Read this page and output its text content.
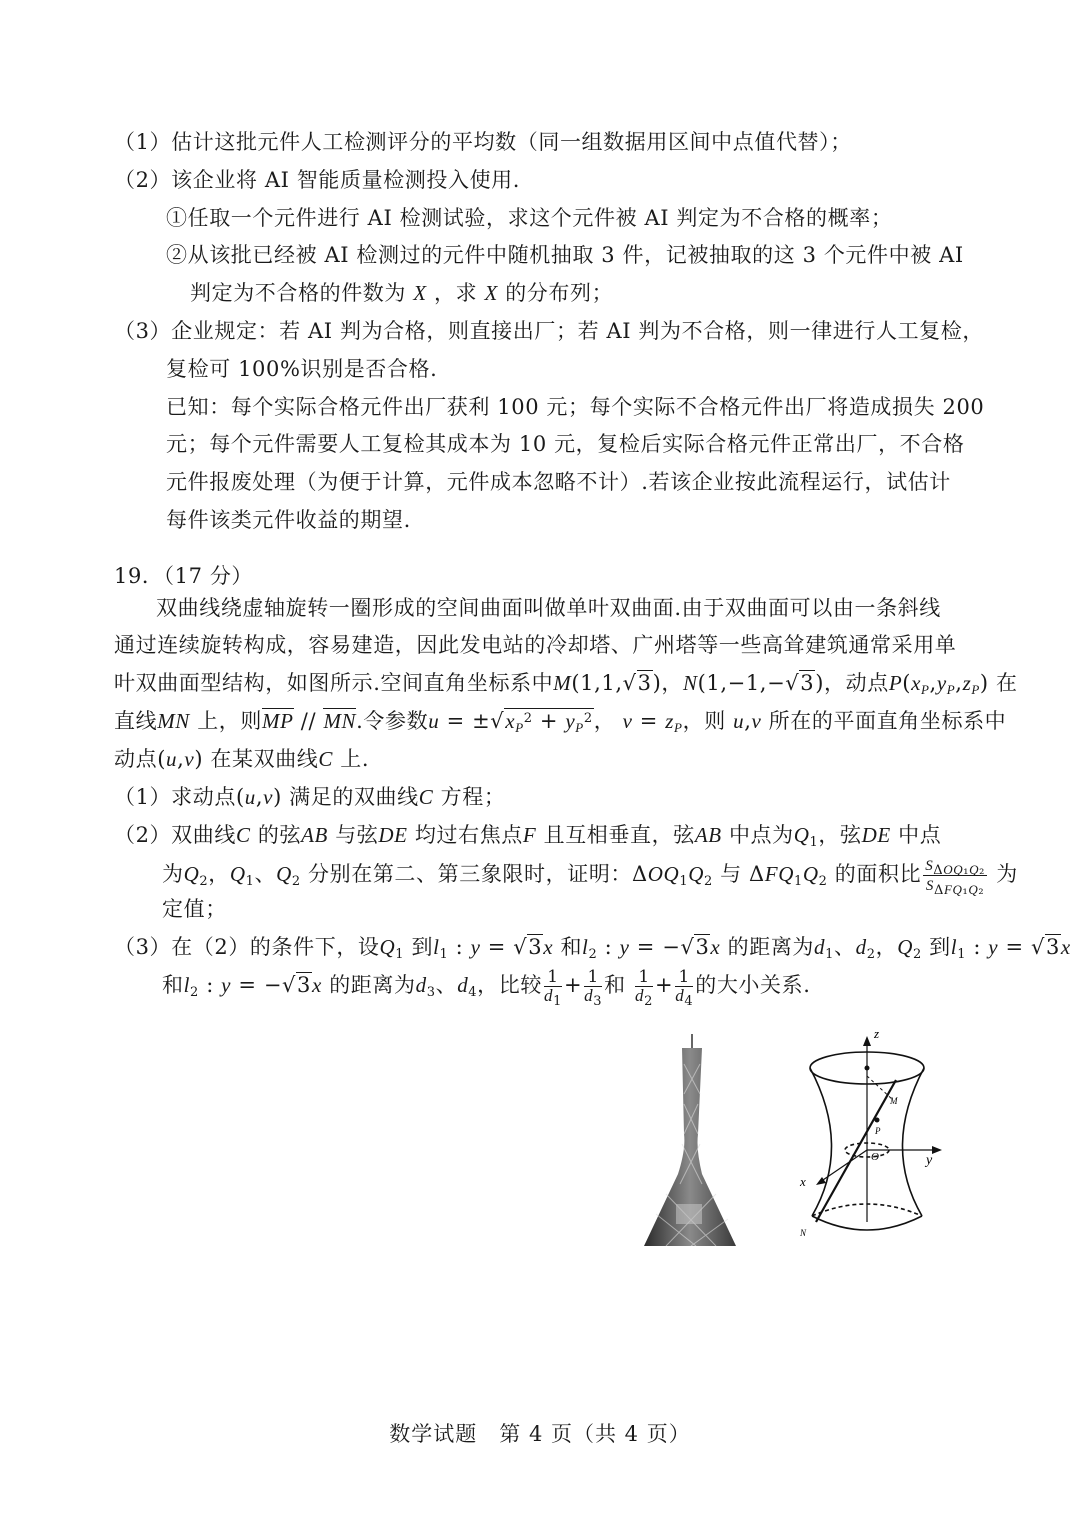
（1）估计这批元件人工检测评分的平均数（同一组数据用区间中点值代替）；
（2）该企业将 AI 智能质量检测投入使用.
①任取一个元件进行 AI 检测试验，求这个元件被 AI 判定为不合格的概率；
②从该批已经被 AI 检测过的元件中随机抽取 3 件，记被抽取的这 3 个元件中被 AI
判定为不合格的件数为 X ，求 X 的分布列；
（3）企业规定：若 AI 判为合格，则直接出厂；若 AI 判为不合格，则一律进行人工复检，
复检可 100%识别是否合格.
已知：每个实际合格元件出厂获利 100 元；每个实际不合格元件出厂将造成损失 200
元；每个元件需要人工复检其成本为 10 元，复检后实际合格元件正常出厂，不合格
元件报废处理（为便于计算，元件成本忽略不计）.若该企业按此流程运行，试估计
每件该类元件收益的期望.
19．（17 分）
双曲线绕虚轴旋转一圈形成的空间曲面叫做单叶双曲面.由于双曲面可以由一条斜线
通过连续旋转构成，容易建造，因此发电站的冷却塔、广州塔等一些高耸建筑通常采用单
叶双曲面型结构，如图所示.空间直角坐标系中M(1,1,√3)，N(1,−1,−√3)，动点$P(x_P,y_P,z_P)$ 在
直线MN 上，则MP // MN.令参数$u = \pm√x_P^2 + y_P^2$， $v = z_P$，则 u,v 所在的平面直角坐标系中
动点(u,v) 在某双曲线C 上.
（1）求动点(u,v) 满足的双曲线C 方程；
（2）双曲线C 的弦AB 与弦DE 均过右焦点F 且互相垂直，弦AB 中点为$Q_1$，弦DE 中点
为$Q_2$，$Q_1$、$Q_2$ 分别在第二、第三象限时，证明：$\Delta OQ_1Q_2$ 与 $\Delta FQ_1Q_2$ 的面积比 $\frac{S_{\Delta OQ_1Q_2}}{S_{\Delta FQ_1Q_2}}$ 为
定值；
（3）在（2）的条件下，设$Q_1$ 到$l_1$ : y = √3x 和$l_2$ : y = −√3x 的距离为$d_1$、$d_2$，$Q_2$ 到$l_1$ : y = √3x
和$l_2$ : y = −√3x 的距离为$d_3$、$d_4$，比较 $\frac{1}{d_1} + \frac{1}{d_3}$ 和 $\frac{1}{d_2} + \frac{1}{d_4}$ 的大小关系.
z
y
x
M
P
O
N
数学试题　第 4 页（共 4 页）
